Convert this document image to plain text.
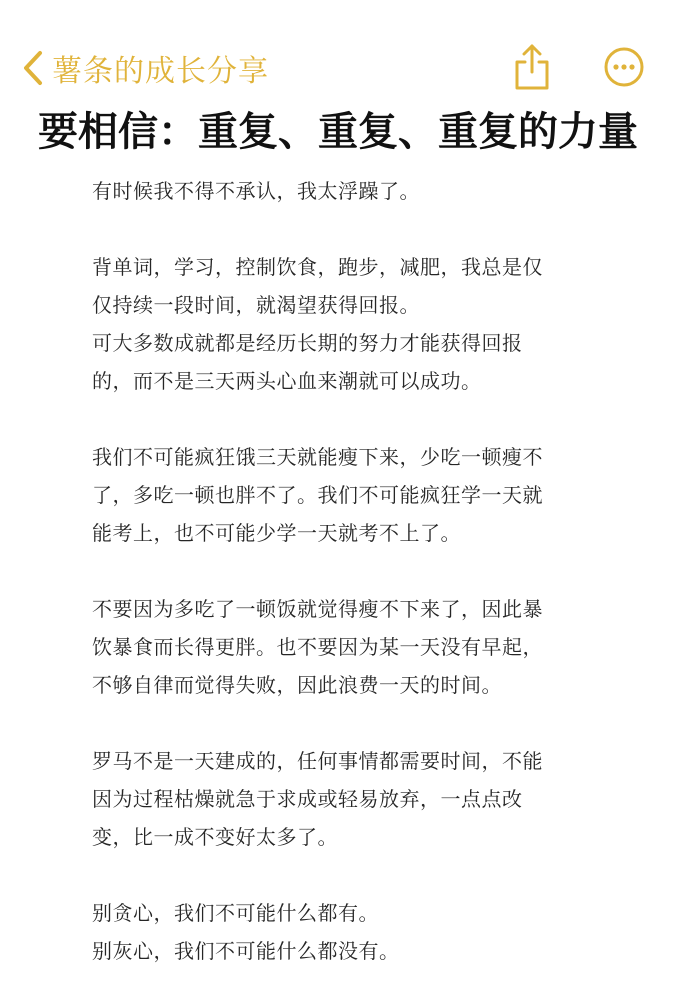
薯条的成长分享
要相信：重复、重复、重复的力量
有时候我不得不承认，我太浮躁了。
背单词，学习，控制饮食，跑步，减肥，我总是仅
仅持续一段时间，就渴望获得回报。
可大多数成就都是经历长期的努力才能获得回报
的，而不是三天两头心血来潮就可以成功。
我们不可能疯狂饿三天就能瘦下来，少吃一顿瘦不
了，多吃一顿也胖不了。我们不可能疯狂学一天就
能考上，也不可能少学一天就考不上了。
不要因为多吃了一顿饭就觉得瘦不下来了，因此暴
饮暴食而长得更胖。也不要因为某一天没有早起，
不够自律而觉得失败，因此浪费一天的时间。
罗马不是一天建成的，任何事情都需要时间，不能
因为过程枯燥就急于求成或轻易放弃，一点点改
变，比一成不变好太多了。
别贪心，我们不可能什么都有。
别灰心，我们不可能什么都没有。
